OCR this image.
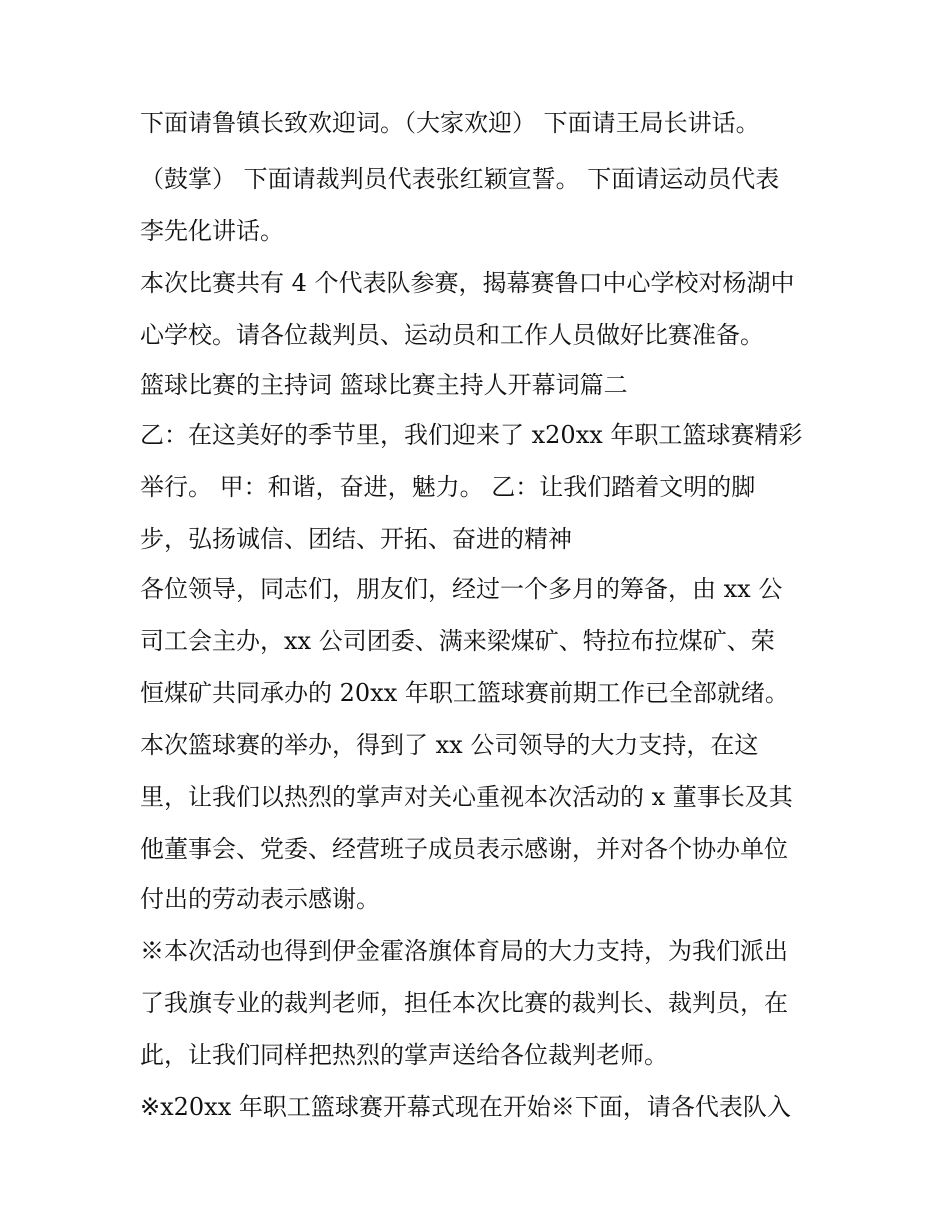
下面请鲁镇长致欢迎词。（大家欢迎） 下面请王局长讲话。
（鼓掌） 下面请裁判员代表张红颖宣誓。 下面请运动员代表
李先化讲话。
本次比赛共有 4 个代表队参赛，揭幕赛鲁口中心学校对杨湖中
心学校。请各位裁判员、运动员和工作人员做好比赛准备。
篮球比赛的主持词 篮球比赛主持人开幕词篇二
乙：在这美好的季节里，我们迎来了 x20xx 年职工篮球赛精彩
举行。 甲：和谐，奋进，魅力。 乙：让我们踏着文明的脚
步，弘扬诚信、团结、开拓、奋进的精神
各位领导，同志们，朋友们，经过一个多月的筹备，由 xx 公
司工会主办，xx 公司团委、满来梁煤矿、特拉布拉煤矿、荣
恒煤矿共同承办的 20xx 年职工篮球赛前期工作已全部就绪。
本次篮球赛的举办，得到了 xx 公司领导的大力支持，在这
里，让我们以热烈的掌声对关心重视本次活动的 x 董事长及其
他董事会、党委、经营班子成员表示感谢，并对各个协办单位
付出的劳动表示感谢。
※本次活动也得到伊金霍洛旗体育局的大力支持，为我们派出
了我旗专业的裁判老师，担任本次比赛的裁判长、裁判员，在
此，让我们同样把热烈的掌声送给各位裁判老师。
※x20xx 年职工篮球赛开幕式现在开始※下面，请各代表队入
